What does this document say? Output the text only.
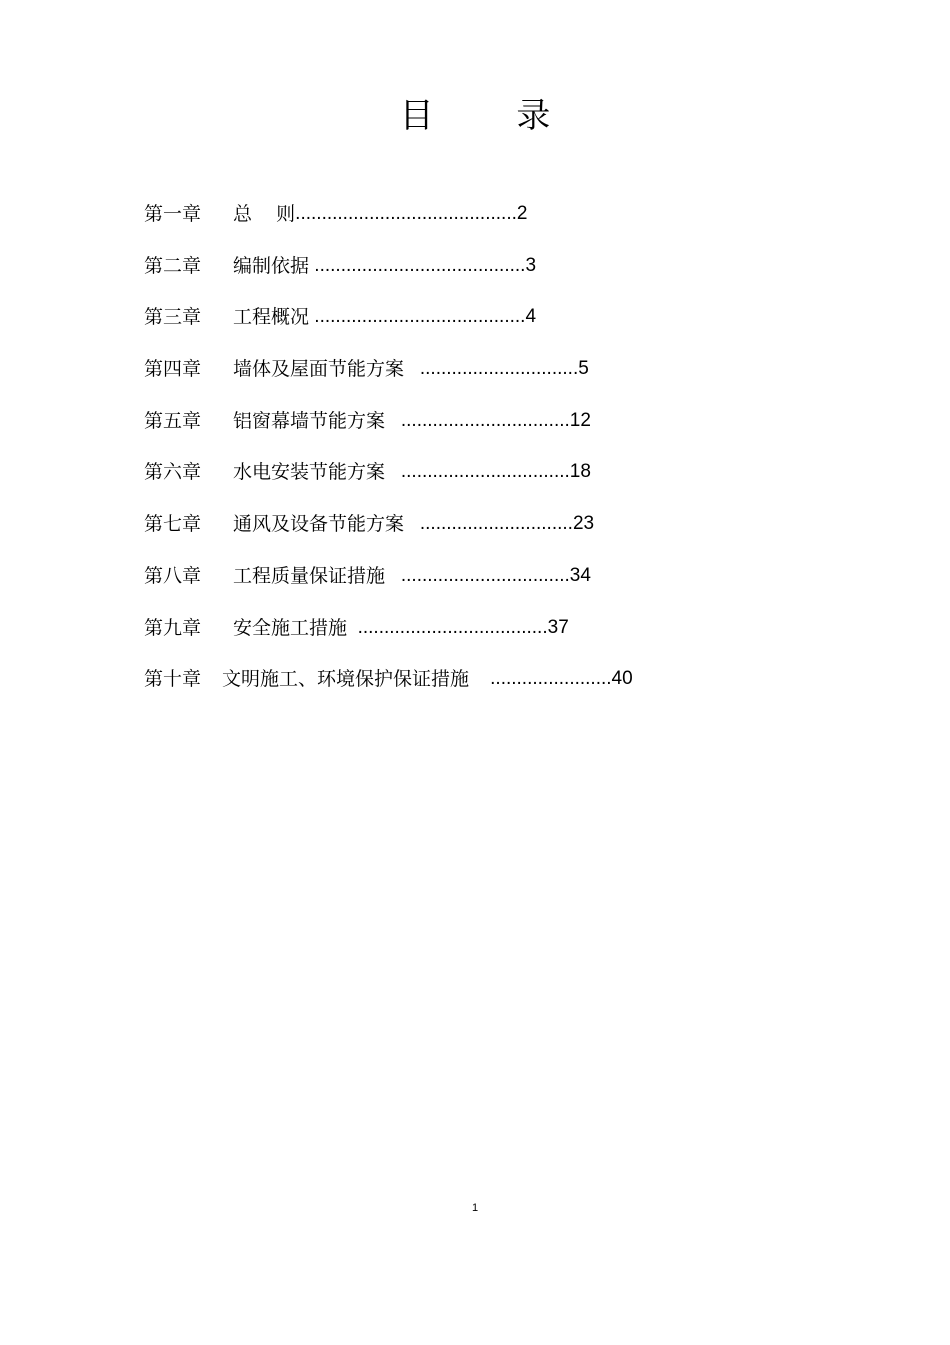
目 录
第一章 总    则..........................................2
第二章 编制依据 ........................................3
第三章 工程概况 ........................................4
第四章 墙体及屋面节能方案   ..............................5
第五章 铝窗幕墙节能方案   ................................12
第六章 水电安装节能方案   ................................18
第七章 通风及设备节能方案   .............................23
第八章 工程质量保证措施   ................................34
第九章 安全施工措施  ....................................37
第十章 文明施工、环境保护保证措施    .......................40
1
